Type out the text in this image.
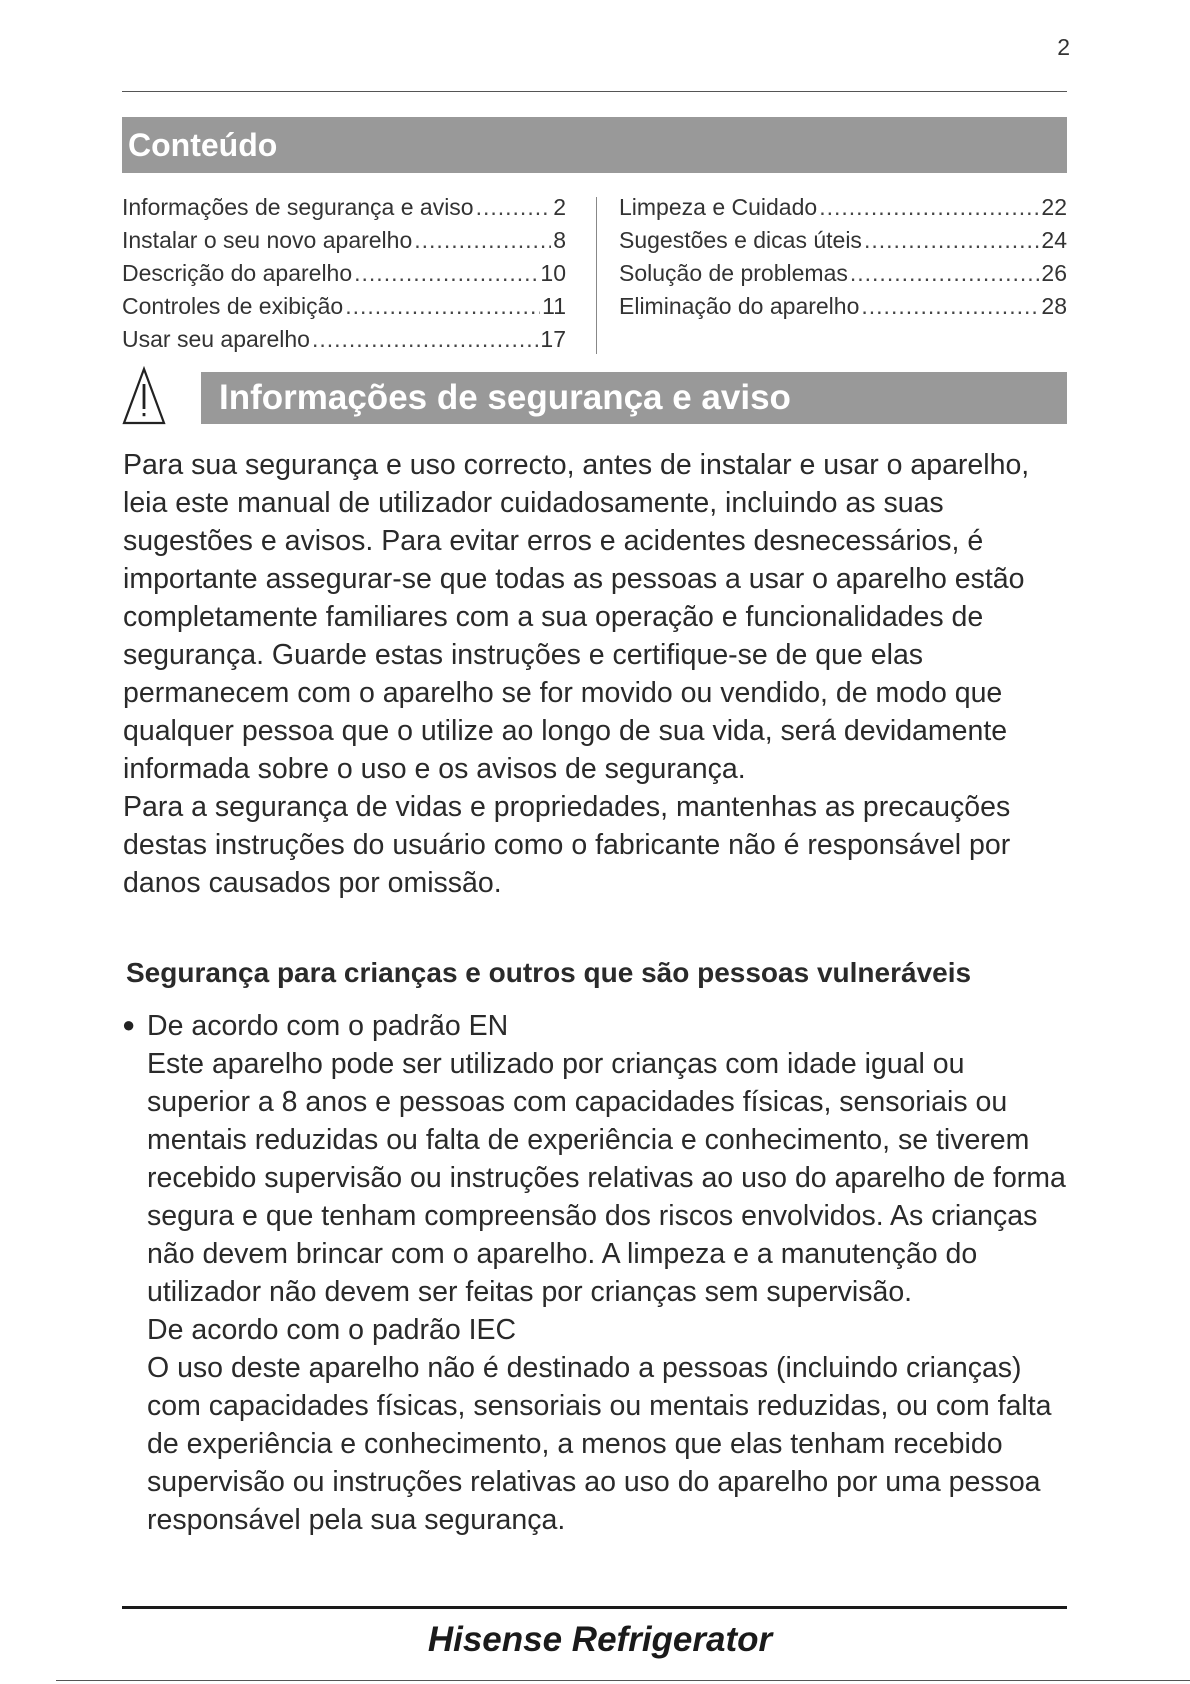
2
Conteúdo
Informações de segurança e aviso .....	2
Instalar o seu novo aparelho .....	8
Descrição do aparelho .....	10
Controles de exibição .....	11
Usar seu aparelho .....	17
Limpeza e Cuidado .....	22
Sugestões e dicas úteis .....	24
Solução de problemas .....	26
Eliminação do aparelho .....	28
Informações de segurança e aviso

Para sua segurança e uso correcto, antes de instalar e usar o aparelho, leia este manual de utilizador cuidadosamente, incluindo as suas sugestões e avisos. Para evitar erros e acidentes desnecessários, é importante assegurar-se que todas as pessoas a usar o aparelho estão completamente familiares com a sua operação e funcionalidades de segurança. Guarde estas instruções e certifique-se de que elas permanecem com o aparelho se for movido ou vendido, de modo que qualquer pessoa que o utilize ao longo de sua vida, será devidamente informada sobre o uso e os avisos de segurança.

Para a segurança de vidas e propriedades, mantenhas as precauções destas instruções do usuário como o fabricante não é responsável por danos causados por omissão.

Segurança para crianças e outros que são pessoas vulneráveis
● De acordo com o padrão EN

Este aparelho pode ser utilizado por crianças com idade igual ou superior a 8 anos e pessoas com capacidades físicas, sensoriais ou mentais reduzidas ou falta de experiência e conhecimento, se tiverem recebido supervisão ou instruções relativas ao uso do aparelho de forma segura e que tenham compreensão dos riscos envolvidos. As crianças não devem brincar com o aparelho. A limpeza e a manutenção do utilizador não devem ser feitas por crianças sem supervisão.

De acordo com o padrão IEC

O uso deste aparelho não é destinado a pessoas (incluindo crianças) com capacidades físicas, sensoriais ou mentais reduzidas, ou com falta de experiência e conhecimento, a menos que elas tenham recebido supervisão ou instruções relativas ao uso do aparelho por uma pessoa responsável pela sua segurança.

Hisense Refrigerator
